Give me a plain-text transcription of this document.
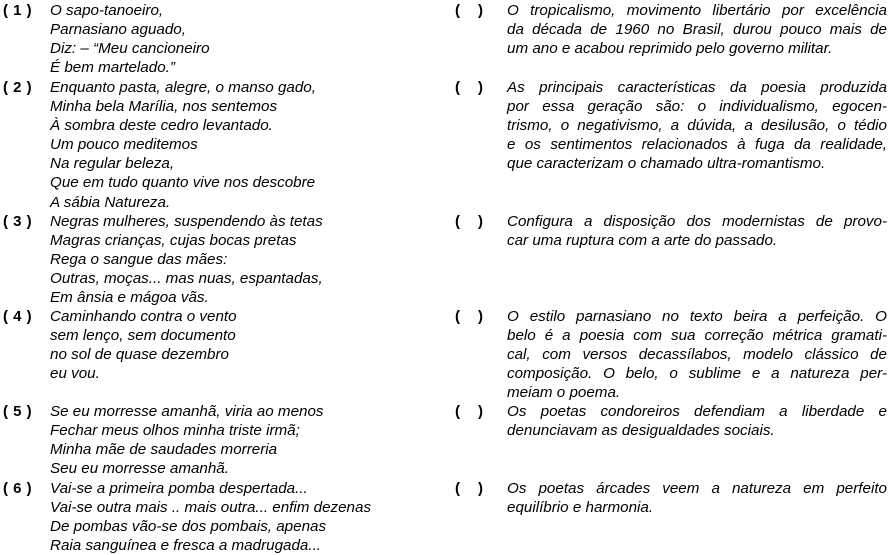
( 1 ) O sapo-tanoeiro,
Parnasiano aguado,
Diz: – “Meu cancioneiro
É bem martelado.”
( 2 ) Enquanto pasta, alegre, o manso gado,
Minha bela Marília, nos sentemos
À sombra deste cedro levantado.
Um pouco meditemos
Na regular beleza,
Que em tudo quanto vive nos descobre
A sábia Natureza.
( 3 ) Negras mulheres, suspendendo às tetas
Magras crianças, cujas bocas pretas
Rega o sangue das mães:
Outras, moças... mas nuas, espantadas,
Em ânsia e mágoa vãs.
( 4 ) Caminhando contra o vento
sem lenço, sem documento
no sol de quase dezembro
eu vou.
( 5 ) Se eu morresse amanhã, viria ao menos
Fechar meus olhos minha triste irmã;
Minha mãe de saudades morreria
Seu eu morresse amanhã.
( 6 ) Vai-se a primeira pomba despertada...
Vai-se outra mais .. mais outra... enfim dezenas
De pombas vão-se dos pombais, apenas
Raia sanguínea e fresca a madrugada...
( ) O tropicalismo, movimento libertário por excelência
da década de 1960 no Brasil, durou pouco mais de
um ano e acabou reprimido pelo governo militar.
( ) As principais características da poesia produzida
por essa geração são: o individualismo, egocen-
trismo, o negativismo, a dúvida, a desilusão, o tédio
e os sentimentos relacionados à fuga da realidade,
que caracterizam o chamado ultra-romantismo.
( ) Configura a disposição dos modernistas de provo-
car uma ruptura com a arte do passado.
( ) O estilo parnasiano no texto beira a perfeição. O
belo é a poesia com sua correção métrica gramati-
cal, com versos decassílabos, modelo clássico de
composição. O belo, o sublime e a natureza per-
meiam o poema.
( ) Os poetas condoreiros defendiam a liberdade e
denunciavam as desigualdades sociais.
( ) Os poetas árcades veem a natureza em perfeito
equilíbrio e harmonia.
